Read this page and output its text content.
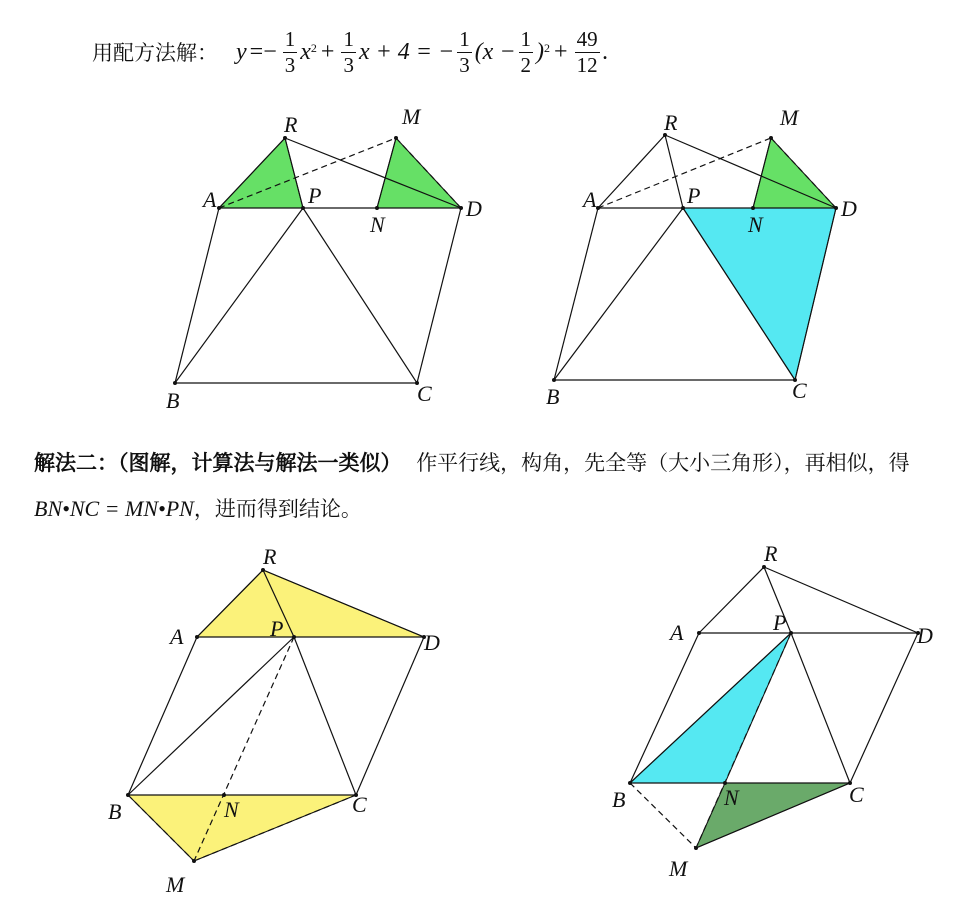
用配方法解： $y =- \frac{1}{3} x^2 + \frac{1}{3}$ x + 4 = − $\frac{1}{3} (x - \frac{1}{2} )^2 + \frac{49}{12}$ .
解法二：（图解，计算法与解法一类似） 作平行线，构角，先全等（大小三角形），再相似，得 BN•NC = MN•PN，进而得到结论。
R	M
A	P
N
D
B	C
R	M
A	P
N
D
B	C
R
A	P
D
B	N	C
M
R
A	P
D
B	N	C
M
